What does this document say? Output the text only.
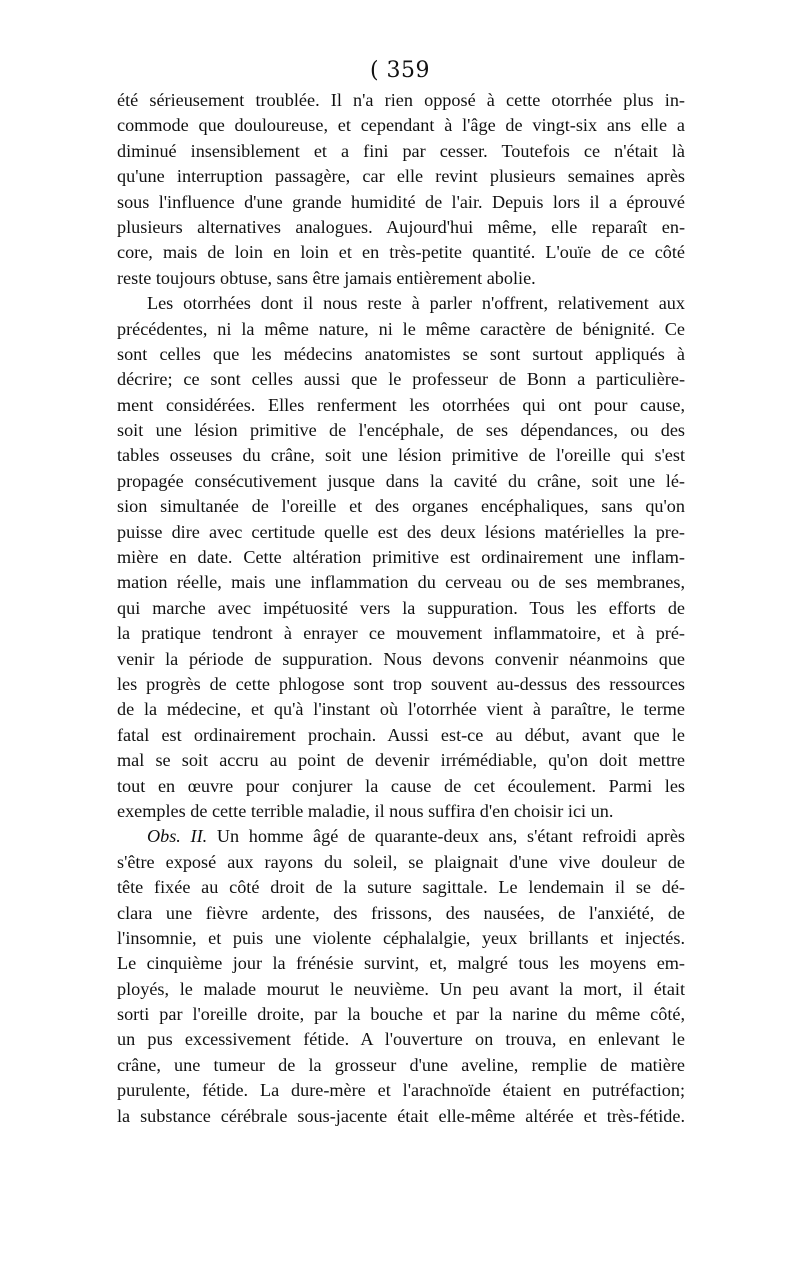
( 359
été sérieusement troublée. Il n'a rien opposé à cette otorrhée plus in-
commode que douloureuse, et cependant à l'âge de vingt-six ans elle a
diminué insensiblement et a fini par cesser. Toutefois ce n'était là
qu'une interruption passagère, car elle revint plusieurs semaines après
sous l'influence d'une grande humidité de l'air. Depuis lors il a éprouvé
plusieurs alternatives analogues. Aujourd'hui même, elle reparaît en-
core, mais de loin en loin et en très-petite quantité. L'ouïe de ce côté
reste toujours obtuse, sans être jamais entièrement abolie.
Les otorrhées dont il nous reste à parler n'offrent, relativement aux
précédentes, ni la même nature, ni le même caractère de bénignité. Ce
sont celles que les médecins anatomistes se sont surtout appliqués à
décrire; ce sont celles aussi que le professeur de Bonn a particulière-
ment considérées. Elles renferment les otorrhées qui ont pour cause,
soit une lésion primitive de l'encéphale, de ses dépendances, ou des
tables osseuses du crâne, soit une lésion primitive de l'oreille qui s'est
propagée consécutivement jusque dans la cavité du crâne, soit une lé-
sion simultanée de l'oreille et des organes encéphaliques, sans qu'on
puisse dire avec certitude quelle est des deux lésions matérielles la pre-
mière en date. Cette altération primitive est ordinairement une inflam-
mation réelle, mais une inflammation du cerveau ou de ses membranes,
qui marche avec impétuosité vers la suppuration. Tous les efforts de
la pratique tendront à enrayer ce mouvement inflammatoire, et à pré-
venir la période de suppuration. Nous devons convenir néanmoins que
les progrès de cette phlogose sont trop souvent au-dessus des ressources
de la médecine, et qu'à l'instant où l'otorrhée vient à paraître, le terme
fatal est ordinairement prochain. Aussi est-ce au début, avant que le
mal se soit accru au point de devenir irrémédiable, qu'on doit mettre
tout en œuvre pour conjurer la cause de cet écoulement. Parmi les
exemples de cette terrible maladie, il nous suffira d'en choisir ici un.
Obs. II. Un homme âgé de quarante-deux ans, s'étant refroidi après
s'être exposé aux rayons du soleil, se plaignait d'une vive douleur de
tête fixée au côté droit de la suture sagittale. Le lendemain il se dé-
clara une fièvre ardente, des frissons, des nausées, de l'anxiété, de
l'insomnie, et puis une violente céphalalgie, yeux brillants et injectés.
Le cinquième jour la frénésie survint, et, malgré tous les moyens em-
ployés, le malade mourut le neuvième. Un peu avant la mort, il était
sorti par l'oreille droite, par la bouche et par la narine du même côté,
un pus excessivement fétide. A l'ouverture on trouva, en enlevant le
crâne, une tumeur de la grosseur d'une aveline, remplie de matière
purulente, fétide. La dure-mère et l'arachnoïde étaient en putréfaction;
la substance cérébrale sous-jacente était elle-même altérée et très-fétide.
